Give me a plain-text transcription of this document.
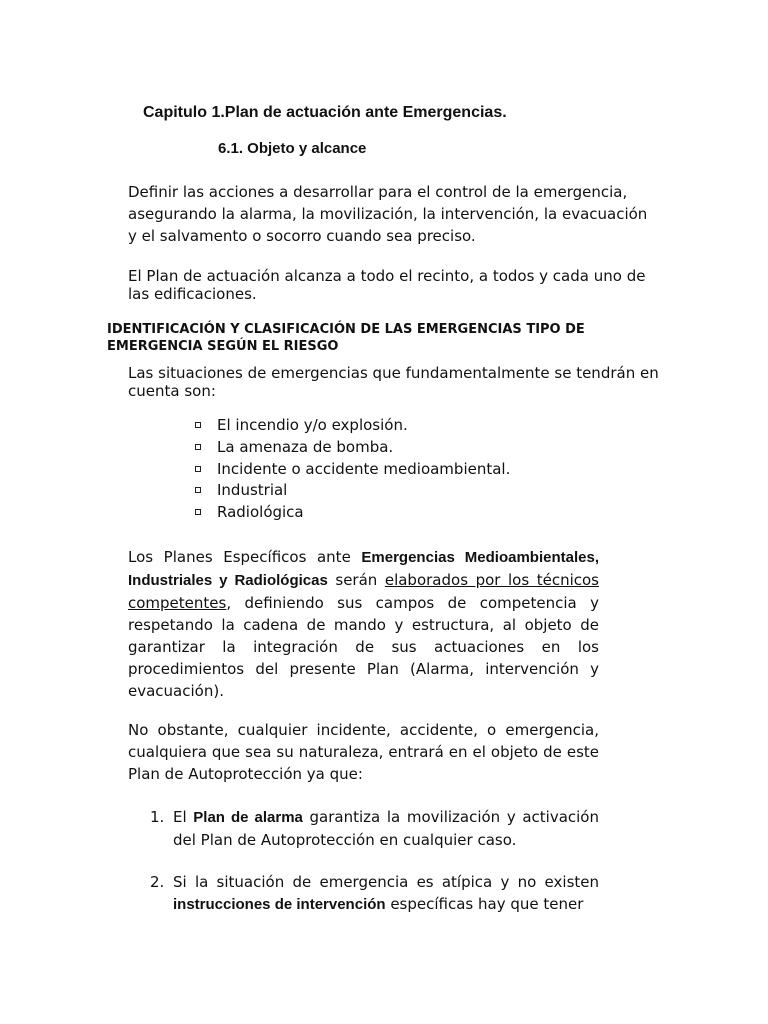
Capitulo 1.Plan de actuación ante Emergencias.
6.1. Objeto y alcance
Definir las acciones a desarrollar para el control de la emergencia, asegurando la alarma, la movilización, la intervención, la evacuación y el salvamento o socorro cuando sea preciso.
El Plan de actuación alcanza a todo el recinto, a todos y cada uno de las edificaciones.
IDENTIFICACIÓN Y CLASIFICACIÓN DE LAS EMERGENCIAS TIPO DE EMERGENCIA SEGÚN EL RIESGO
Las situaciones de emergencias que fundamentalmente se tendrán en cuenta son:
El incendio y/o explosión.
La amenaza de bomba.
Incidente o accidente medioambiental.
Industrial
Radiológica
Los Planes Específicos ante Emergencias Medioambientales, Industriales y Radiológicas serán elaborados por los técnicos competentes, definiendo sus campos de competencia y respetando la cadena de mando y estructura, al objeto de garantizar la integración de sus actuaciones en los procedimientos del presente Plan (Alarma, intervención y evacuación).
No obstante, cualquier incidente, accidente, o emergencia, cualquiera que sea su naturaleza, entrará en el objeto de este Plan de Autoprotección ya que:
1. El Plan de alarma garantiza la movilización y activación del Plan de Autoprotección en cualquier caso.
2. Si la situación de emergencia es atípica y no existen instrucciones de intervención específicas hay que tener
